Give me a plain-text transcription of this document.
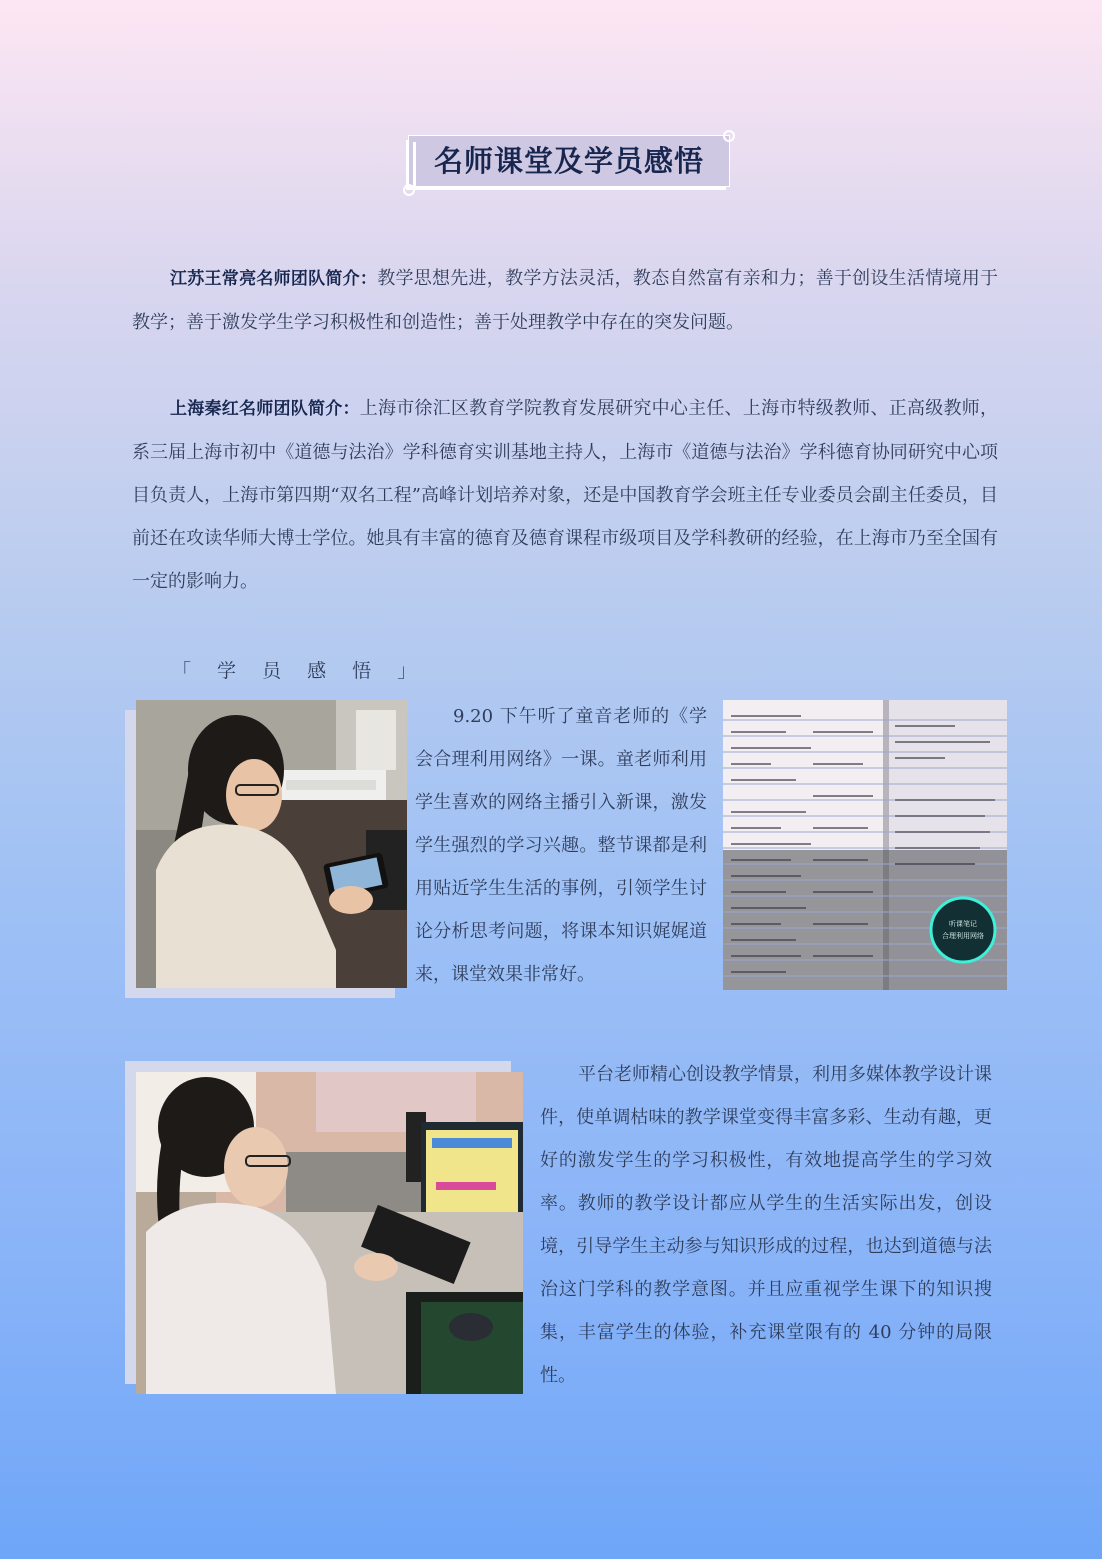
名师课堂及学员感悟
江苏王常亮名师团队简介：教学思想先进，教学方法灵活，教态自然富有亲和力；善于创设生活情境用于教学；善于激发学生学习积极性和创造性；善于处理教学中存在的突发问题。
上海秦红名师团队简介：上海市徐汇区教育学院教育发展研究中心主任、上海市特级教师、正高级教师，系三届上海市初中《道德与法治》学科德育实训基地主持人，上海市《道德与法治》学科德育协同研究中心项目负责人，上海市第四期“双名工程”高峰计划培养对象，还是中国教育学会班主任专业委员会副主任委员，目前还在攻读华师大博士学位。她具有丰富的德育及德育课程市级项目及学科教研的经验，在上海市乃至全国有一定的影响力。
「 学 员 感 悟 」
9.20 下午听了童音老师的《学会合理利用网络》一课。童老师利用学生喜欢的网络主播引入新课，激发学生强烈的学习兴趣。整节课都是利用贴近学生生活的事例，引领学生讨论分析思考问题，将课本知识娓娓道来，课堂效果非常好。
听课笔记
合理利用网络
平台老师精心创设教学情景，利用多媒体教学设计课件，使单调枯味的教学课堂变得丰富多彩、生动有趣，更好的激发学生的学习积极性，有效地提高学生的学习效率。教师的教学设计都应从学生的生活实际出发，创设境，引导学生主动参与知识形成的过程，也达到道德与法治这门学科的教学意图。并且应重视学生课下的知识搜集，丰富学生的体验，补充课堂限有的 40 分钟的局限性。
